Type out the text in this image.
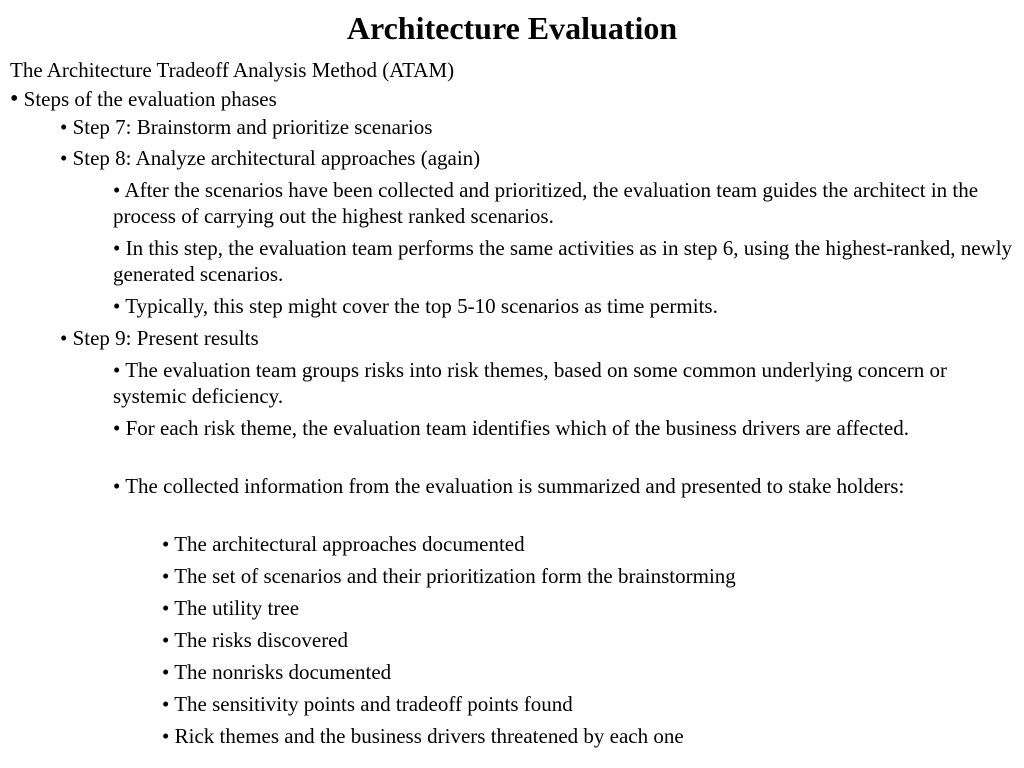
Architecture Evaluation
The Architecture Tradeoff Analysis Method (ATAM)
• Steps of the evaluation phases
• Step 7: Brainstorm and prioritize scenarios
• Step 8: Analyze architectural approaches (again)
• After the scenarios have been collected and prioritized, the evaluation team guides the architect in the process of carrying out the highest ranked scenarios.
• In this step, the evaluation team performs the same activities as in step 6, using the highest-ranked, newly generated scenarios.
• Typically, this step might cover the top 5-10 scenarios as time permits.
• Step 9: Present results
• The evaluation team groups risks into risk themes, based on some common underlying concern or systemic deficiency.
• For each risk theme, the evaluation team identifies which of the business drivers are affected.
• The collected information from the evaluation is summarized and presented to stake holders:
• The architectural approaches documented
• The set of scenarios and their prioritization form the brainstorming
• The utility tree
• The risks discovered
• The nonrisks documented
• The sensitivity points and tradeoff points found
• Rick themes and the business drivers threatened by each one
